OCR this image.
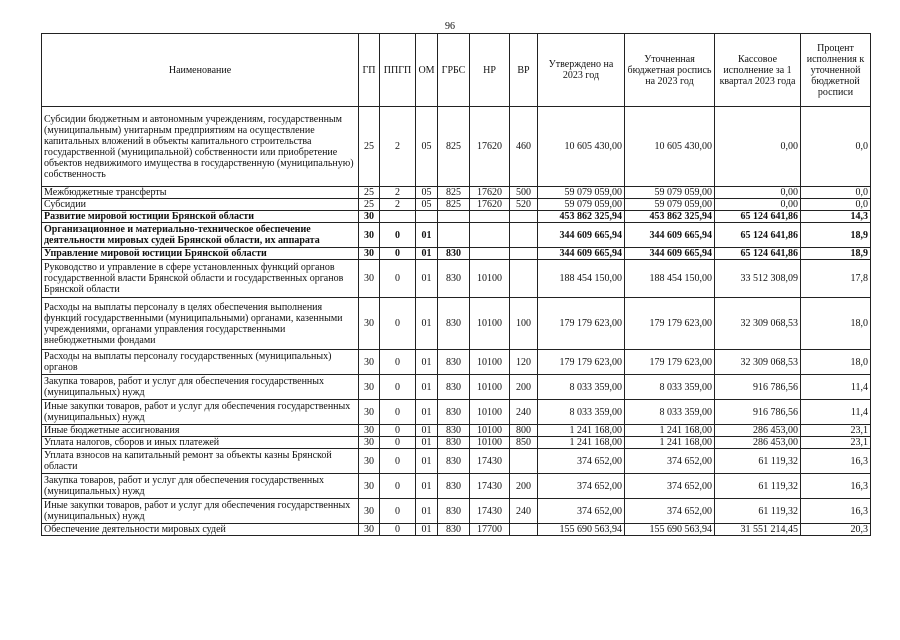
96
Наименование	ГП	ППГП	ОМ	ГРБС	НР	ВР	Утверждено на 2023 год	Уточненная бюджетная роспись на 2023 год	Кассовое исполнение за 1 квартал 2023 года	Процент исполнения к уточненной бюджетной росписи
Субсидии бюджетным и автономным учреждениям, государственным (муниципальным) унитарным предприятиям на осуществление капитальных вложений в объекты капитального строительства государственной (муниципальной) собственности или приобретение объектов недвижимого имущества в государственную (муниципальную) собственность	25	2	05	825	17620	460	10 605 430,00	10 605 430,00	0,00	0,0
Межбюджетные трансферты	25	2	05	825	17620	500	59 079 059,00	59 079 059,00	0,00	0,0
Субсидии	25	2	05	825	17620	520	59 079 059,00	59 079 059,00	0,00	0,0
Развитие мировой юстиции Брянской области	30						453 862 325,94	453 862 325,94	65 124 641,86	14,3
Организационное и материально-техническое обеспечение деятельности мировых судей Брянской области, их аппарата	30	0	01				344 609 665,94	344 609 665,94	65 124 641,86	18,9
Управление мировой юстиции Брянской области	30	0	01	830			344 609 665,94	344 609 665,94	65 124 641,86	18,9
Руководство и управление в сфере установленных функций органов государственной власти Брянской области и государственных органов Брянской области	30	0	01	830	10100		188 454 150,00	188 454 150,00	33 512 308,09	17,8
Расходы на выплаты персоналу в целях обеспечения выполнения функций государственными (муниципальными) органами, казенными учреждениями, органами управления государственными внебюджетными фондами	30	0	01	830	10100	100	179 179 623,00	179 179 623,00	32 309 068,53	18,0
Расходы на выплаты персоналу государственных (муниципальных) органов	30	0	01	830	10100	120	179 179 623,00	179 179 623,00	32 309 068,53	18,0
Закупка товаров, работ и услуг для обеспечения государственных (муниципальных) нужд	30	0	01	830	10100	200	8 033 359,00	8 033 359,00	916 786,56	11,4
Иные закупки товаров, работ и услуг для обеспечения государственных (муниципальных) нужд	30	0	01	830	10100	240	8 033 359,00	8 033 359,00	916 786,56	11,4
Иные бюджетные ассигнования	30	0	01	830	10100	800	1 241 168,00	1 241 168,00	286 453,00	23,1
Уплата налогов, сборов и иных платежей	30	0	01	830	10100	850	1 241 168,00	1 241 168,00	286 453,00	23,1
Уплата взносов на капитальный ремонт за объекты казны Брянской области	30	0	01	830	17430		374 652,00	374 652,00	61 119,32	16,3
Закупка товаров, работ и услуг для обеспечения государственных (муниципальных) нужд	30	0	01	830	17430	200	374 652,00	374 652,00	61 119,32	16,3
Иные закупки товаров, работ и услуг для обеспечения государственных (муниципальных) нужд	30	0	01	830	17430	240	374 652,00	374 652,00	61 119,32	16,3
Обеспечение деятельности мировых судей	30	0	01	830	17700		155 690 563,94	155 690 563,94	31 551 214,45	20,3
